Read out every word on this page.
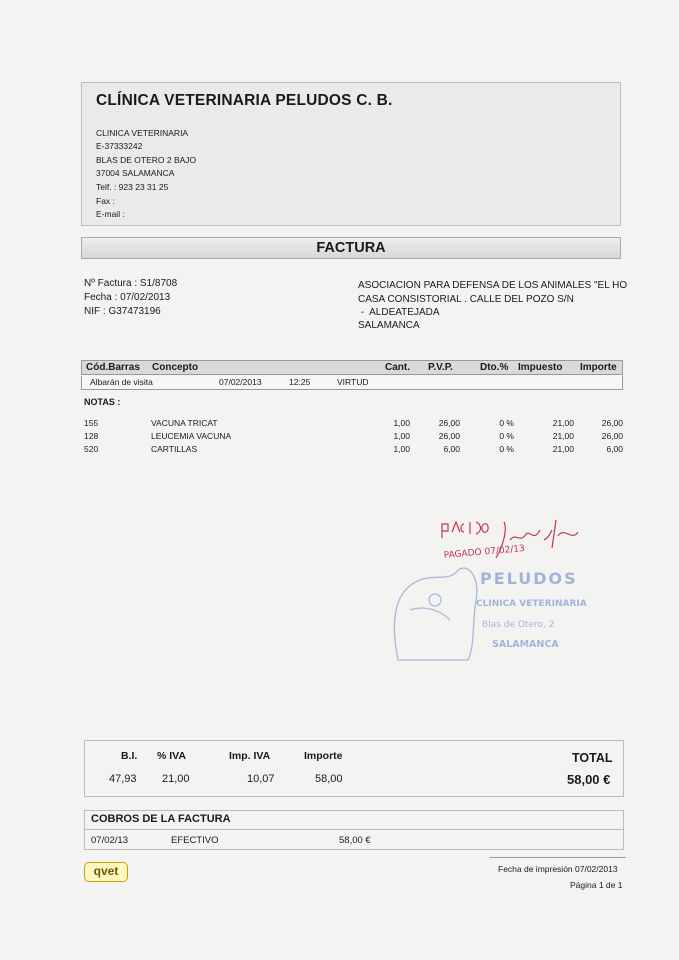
CLÍNICA VETERINARIA PELUDOS C. B.
CLINICA VETERINARIA
E-37333242
BLAS DE OTERO 2 BAJO
37004 SALAMANCA
Telf. : 923 23 31 25
Fax :
E-mail :
FACTURA
Nº Factura : S1/8708
Fecha : 07/02/2013
NIF : G37473196
ASOCIACION PARA DEFENSA DE LOS ANIMALES "EL HO
CASA CONSISTORIAL . CALLE DEL POZO S/N
-  ALDEATEJADA
SALAMANCA
Cód.Barras Concepto	Cant. P.V.P.	Dto.% Impuesto Importe
Albarán de visita	07/02/2013	12:25	VIRTUD
NOTAS :
155	VACUNA TRICAT	1,00	26,00	0 %	21,00	26,00
128	LEUCEMIA VACUNA	1,00	26,00	0 %	21,00	26,00
520	CARTILLAS	1,00	6,00	0 %	21,00	6,00
PELUDOS
CLINICA VETERINARIA
Blas de Otero, 2
SALAMANCA
PAGADO 07/02/13
B.I. % IVA	Imp. IVA	Importe	TOTAL
47,93 21,00	10,07	58,00	58,00 €
COBROS DE LA FACTURA
07/02/13	EFECTIVO	58,00 €
qvet	Fecha de impresión 07/02/2013
Página 1 de 1
